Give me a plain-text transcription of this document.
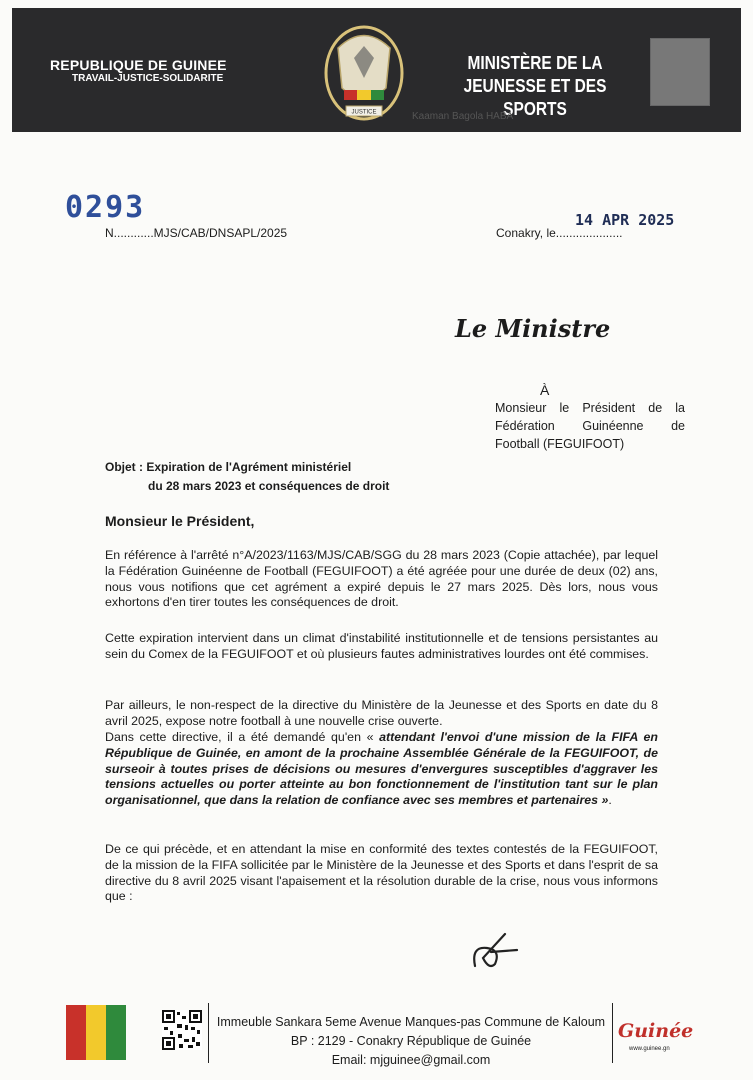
REPUBLIQUE DE GUINEE
TRAVAIL-JUSTICE-SOLIDARITE
JUSTICE
MINISTÈRE DE LA JEUNESSE ET DES SPORTS
Kaaman Bagola HABA
0293
N............MJS/CAB/DNSAPL/2025	Conakry, le....................
14 APR 2025
Le Ministre
À
Monsieur le Président de la
Fédération Guinéenne de
Football (FEGUIFOOT)
Objet : Expiration de l'Agrément ministériel
du 28 mars 2023 et conséquences de droit
Monsieur le Président,
En référence à l'arrêté n°A/2023/1163/MJS/CAB/SGG du 28 mars 2023 (Copie attachée), par lequel la Fédération Guinéenne de Football (FEGUIFOOT) a été agréée pour une durée de deux (02) ans, nous vous notifions que cet agrément a expiré depuis le 27 mars 2025. Dès lors, nous vous exhortons d'en tirer toutes les conséquences de droit.
Cette expiration intervient dans un climat d'instabilité institutionnelle et de tensions persistantes au sein du Comex de la FEGUIFOOT et où plusieurs fautes administratives lourdes ont été commises.
Par ailleurs, le non-respect de la directive du Ministère de la Jeunesse et des Sports en date du 8 avril 2025, expose notre football à une nouvelle crise ouverte.
Dans cette directive, il a été demandé qu'en « attendant l'envoi d'une mission de la FIFA en République de Guinée, en amont de la prochaine Assemblée Générale de la FEGUIFOOT, de surseoir à toutes prises de décisions ou mesures d'envergures susceptibles d'aggraver les tensions actuelles ou porter atteinte au bon fonctionnement de l'institution tant sur le plan organisationnel, que dans la relation de confiance avec ses membres et partenaires ».
De ce qui précède, et en attendant la mise en conformité des textes contestés de la FEGUIFOOT, de la mission de la FIFA sollicitée par le Ministère de la Jeunesse et des Sports et dans l'esprit de sa directive du 8 avril 2025 visant l'apaisement et la résolution durable de la crise, nous vous informons que :
Immeuble Sankara 5eme Avenue Manques-pas Commune de Kaloum
BP : 2129 - Conakry République de Guinée
Email: mjguinee@gmail.com
Guinée
www.guinee.gn
